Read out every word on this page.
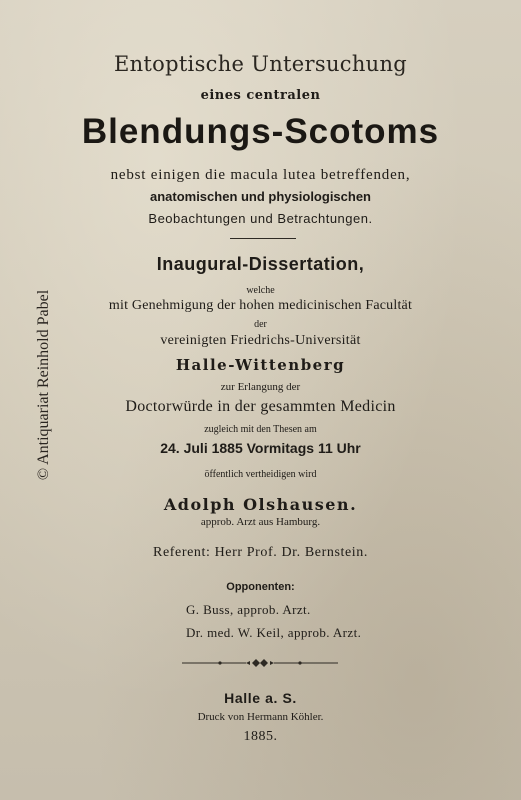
Entoptische Untersuchung
eines centralen
Blendungs-Scotoms
nebst einigen die macula lutea betreffenden,
anatomischen und physiologischen
Beobachtungen und Betrachtungen.
Inaugural-Dissertation,
welche
mit Genehmigung der hohen medicinischen Facultät
der
vereinigten Friedrichs-Universität
Halle-Wittenberg
zur Erlangung der
Doctorwürde in der gesammten Medicin
zugleich mit den Thesen am
24. Juli 1885 Vormitags 11 Uhr
öffentlich vertheidigen wird
Adolph Olshausen.
approb. Arzt aus Hamburg.
Referent: Herr Prof. Dr. Bernstein.
Opponenten:
G. Buss, approb. Arzt.
Dr. med. W. Keil, approb. Arzt.
Halle a. S.
Druck von Hermann Köhler.
1885.
© Antiquariat Reinhold Pabel
